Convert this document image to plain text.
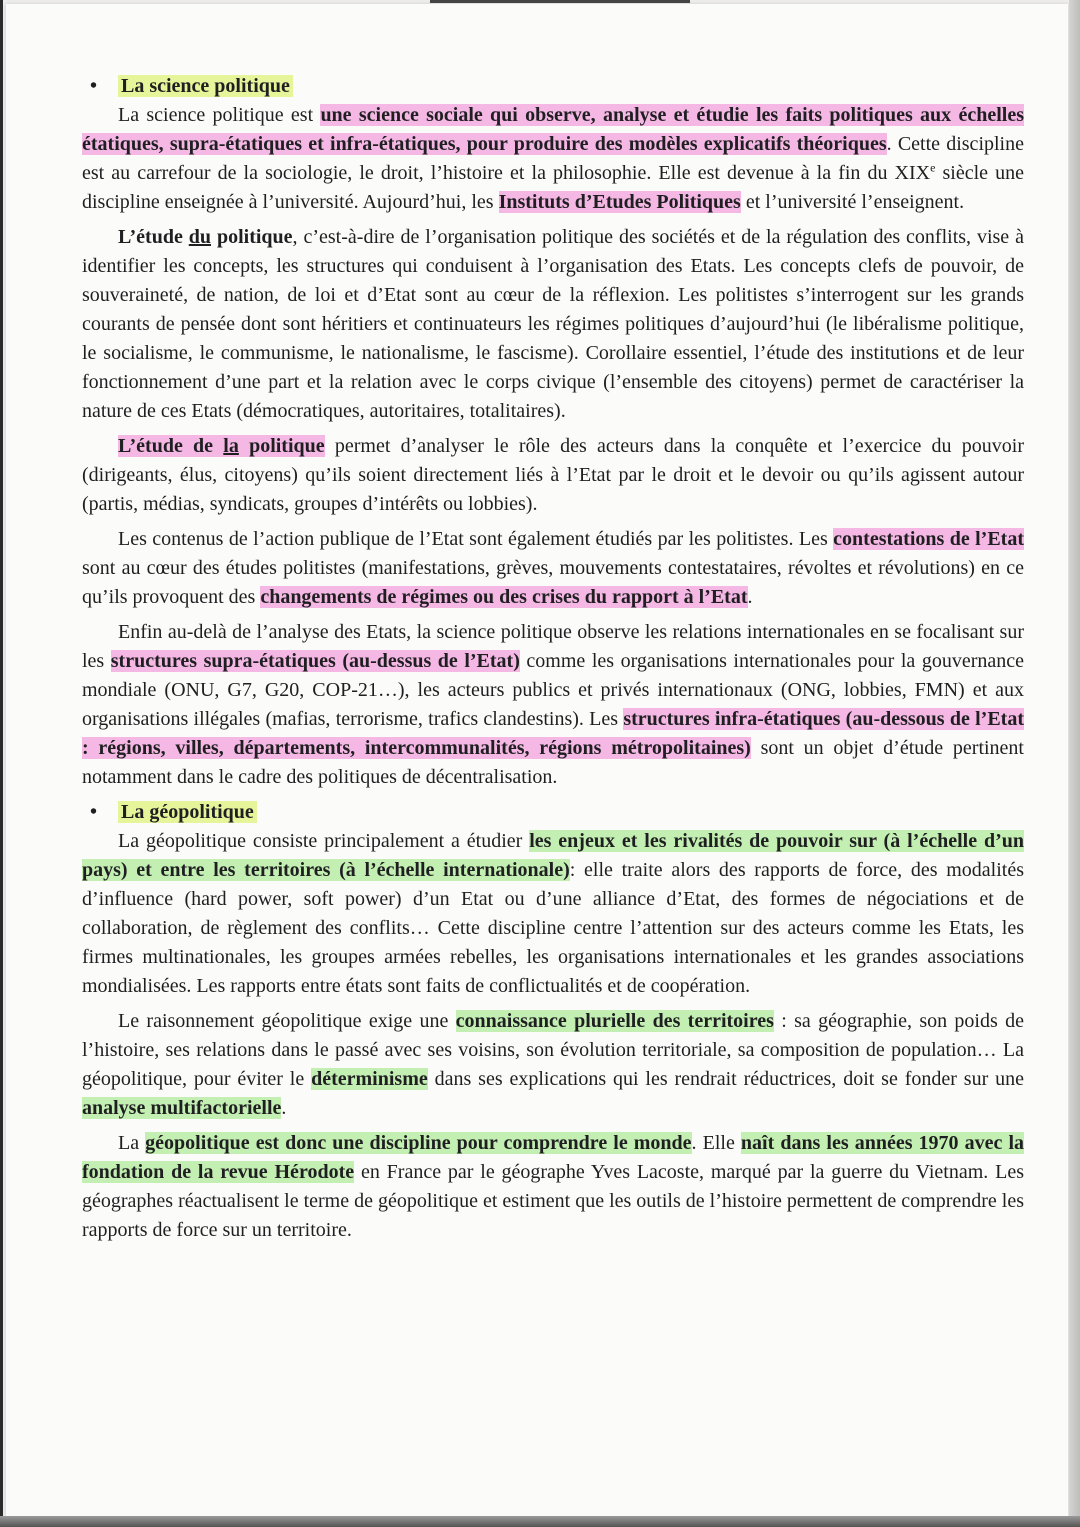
• La science politique

La science politique est une science sociale qui observe, analyse et étudie les faits politiques aux échelles étatiques, supra-étatiques et infra-étatiques, pour produire des modèles explicatifs théoriques. Cette discipline est au carrefour de la sociologie, le droit, l’histoire et la philosophie. Elle est devenue à la fin du XIXe siècle une discipline enseignée à l’université. Aujourd’hui, les Instituts d’Etudes Politiques et l’université l’enseignent.

L’étude du politique, c’est-à-dire de l’organisation politique des sociétés et de la régulation des conflits, vise à identifier les concepts, les structures qui conduisent à l’organisation des Etats. Les concepts clefs de pouvoir, de souveraineté, de nation, de loi et d’Etat sont au cœur de la réflexion. Les politistes s’interrogent sur les grands courants de pensée dont sont héritiers et continuateurs les régimes politiques d’aujourd’hui (le libéralisme politique, le socialisme, le communisme, le nationalisme, le fascisme). Corollaire essentiel, l’étude des institutions et de leur fonctionnement d’une part et la relation avec le corps civique (l’ensemble des citoyens) permet de caractériser la nature de ces Etats (démocratiques, autoritaires, totalitaires).

L’étude de la politique permet d’analyser le rôle des acteurs dans la conquête et l’exercice du pouvoir (dirigeants, élus, citoyens) qu’ils soient directement liés à l’Etat par le droit et le devoir ou qu’ils agissent autour (partis, médias, syndicats, groupes d’intérêts ou lobbies).

Les contenus de l’action publique de l’Etat sont également étudiés par les politistes. Les contestations de l’Etat sont au cœur des études politistes (manifestations, grèves, mouvements contestataires, révoltes et révolutions) en ce qu’ils provoquent des changements de régimes ou des crises du rapport à l’Etat.

Enfin au-delà de l’analyse des Etats, la science politique observe les relations internationales en se focalisant sur les structures supra-étatiques (au-dessus de l’Etat) comme les organisations internationales pour la gouvernance mondiale (ONU, G7, G20, COP-21…), les acteurs publics et privés internationaux (ONG, lobbies, FMN) et aux organisations illégales (mafias, terrorisme, trafics clandestins). Les structures infra-étatiques (au-dessous de l’Etat : régions, villes, départements, intercommunalités, régions métropolitaines) sont un objet d’étude pertinent notamment dans le cadre des politiques de décentralisation.

• La géopolitique

La géopolitique consiste principalement a étudier les enjeux et les rivalités de pouvoir sur (à l’échelle d’un pays) et entre les territoires (à l’échelle internationale): elle traite alors des rapports de force, des modalités d’influence (hard power, soft power) d’un Etat ou d’une alliance d’Etat, des formes de négociations et de collaboration, de règlement des conflits… Cette discipline centre l’attention sur des acteurs comme les Etats, les firmes multinationales, les groupes armées rebelles, les organisations internationales et les grandes associations mondialisées. Les rapports entre états sont faits de conflictualités et de coopération.

Le raisonnement géopolitique exige une connaissance plurielle des territoires : sa géographie, son poids de l’histoire, ses relations dans le passé avec ses voisins, son évolution territoriale, sa composition de population… La géopolitique, pour éviter le déterminisme dans ses explications qui les rendrait réductrices, doit se fonder sur une analyse multifactorielle.

La géopolitique est donc une discipline pour comprendre le monde. Elle naît dans les années 1970 avec la fondation de la revue Hérodote en France par le géographe Yves Lacoste, marqué par la guerre du Vietnam. Les géographes réactualisent le terme de géopolitique et estiment que les outils de l’histoire permettent de comprendre les rapports de force sur un territoire.
